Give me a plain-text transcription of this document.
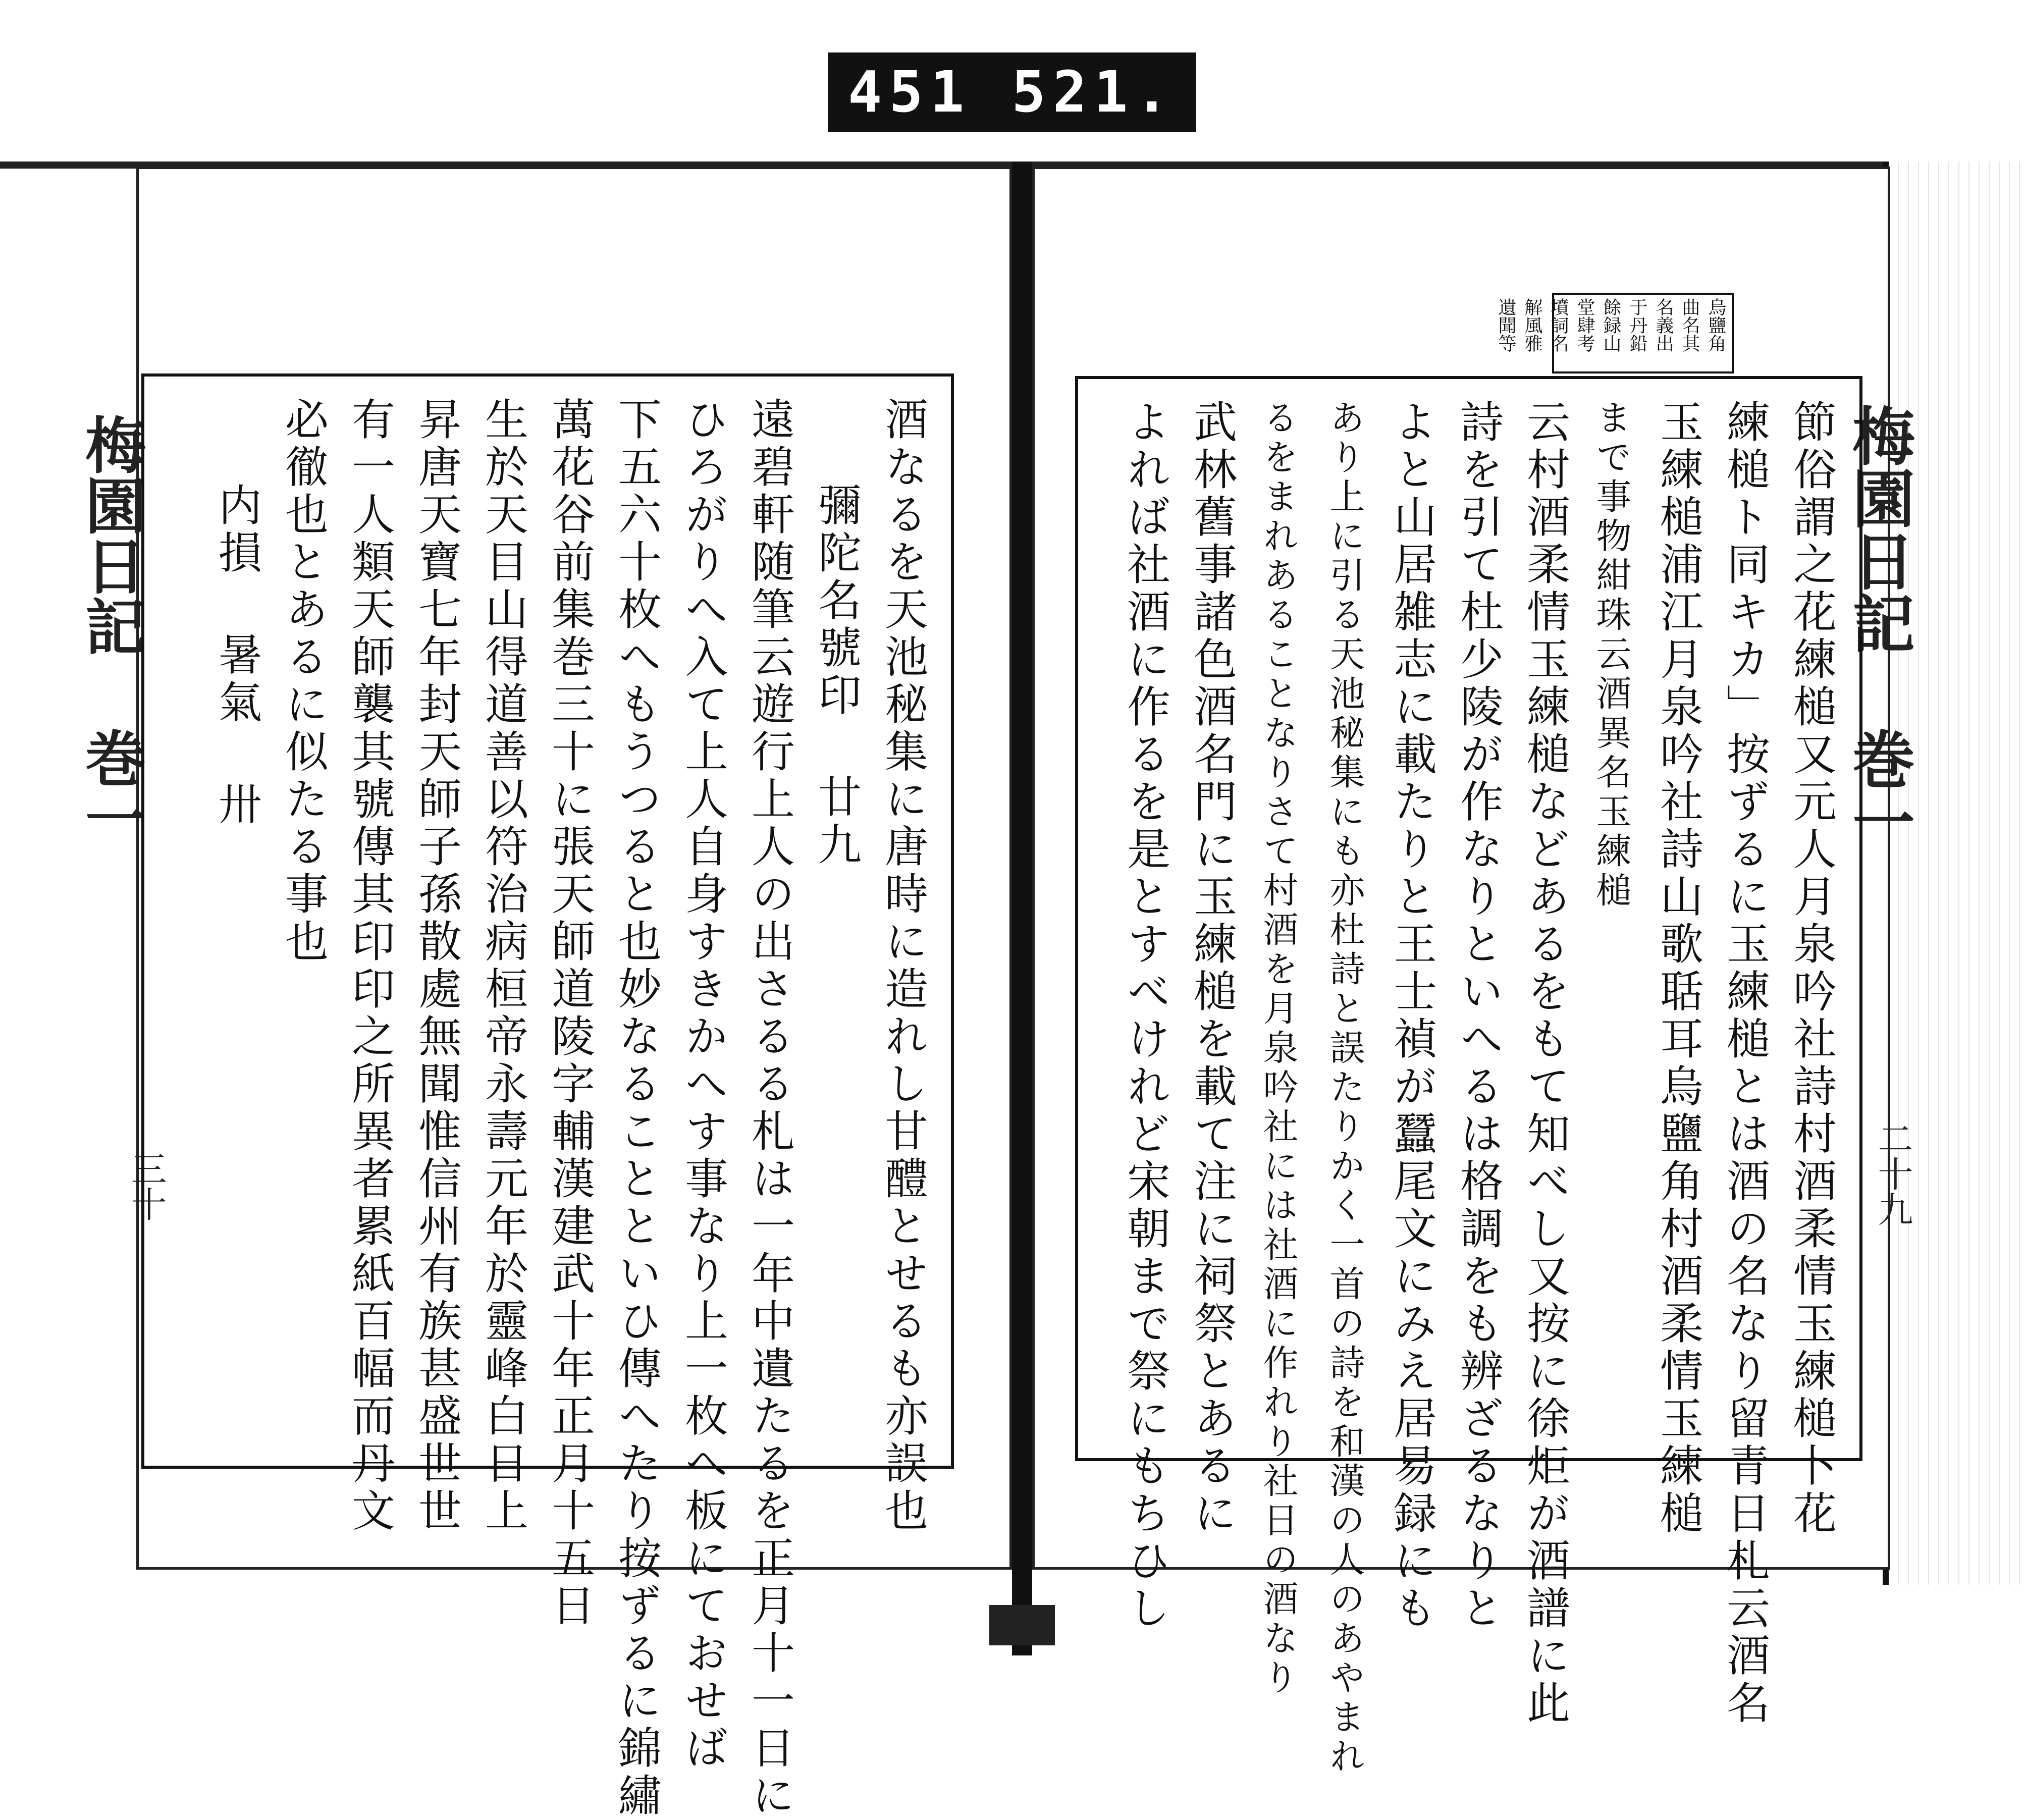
451 521.
烏鹽角
曲名其
名義出
于丹鉛
餘録山
堂肆考
墳詞名
解風雅
遺聞等
梅園日記 巻一
二十九
梅園日記 巻一
三十	節俗謂之花練槌又元人月泉吟社詩村酒柔情玉練槌卜花
練槌ト同キカ」按ずるに玉練槌とは酒の名なり留青日札云酒名
玉練槌浦江月泉吟社詩山歌聒耳烏鹽角村酒柔情玉練槌
まで事物紺珠云酒異名玉練槌
云村酒柔情玉練槌などあるをもて知べし又按に徐炬が酒譜に此
詩を引て杜少陵が作なりといへるは格調をも辨ざるなりと
よと山居雑志に載たりと王士禎が蠶尾文にみえ居易録にも
あり上に引る天池秘集にも亦杜詩と誤たりかく一首の詩を和漢の人のあやまれ
るをまれあることなりさて村酒を月泉吟社には社酒に作れり社日の酒なり
武林舊事諸色酒名門に玉練槌を載て注に祠祭とあるに
よれば社酒に作るを是とすべけれど宋朝まで祭にもちひし
酒なるを天池秘集に唐時に造れし甘醴とせるも亦誤也
彌陀名號印 廿九
遠碧軒随筆云遊行上人の出さるる札は一年中遺たるを正月十一日に
ひろがりへ入て上人自身すきかへす事なり上一枚へ板にておせば
下五六十枚へもうつると也妙なることといひ傳へたり按ずるに錦繡
萬花谷前集巻三十に張天師道陵字輔漢建武十年正月十五日
生於天目山得道善以符治病桓帝永壽元年於靈峰白日上
昇唐天寶七年封天師子孫散處無聞惟信州有族甚盛世世
有一人類天師襲其號傳其印印之所異者累紙百幅而丹文
必徹也とあるに似たる事也
内損 暑氣 卅
